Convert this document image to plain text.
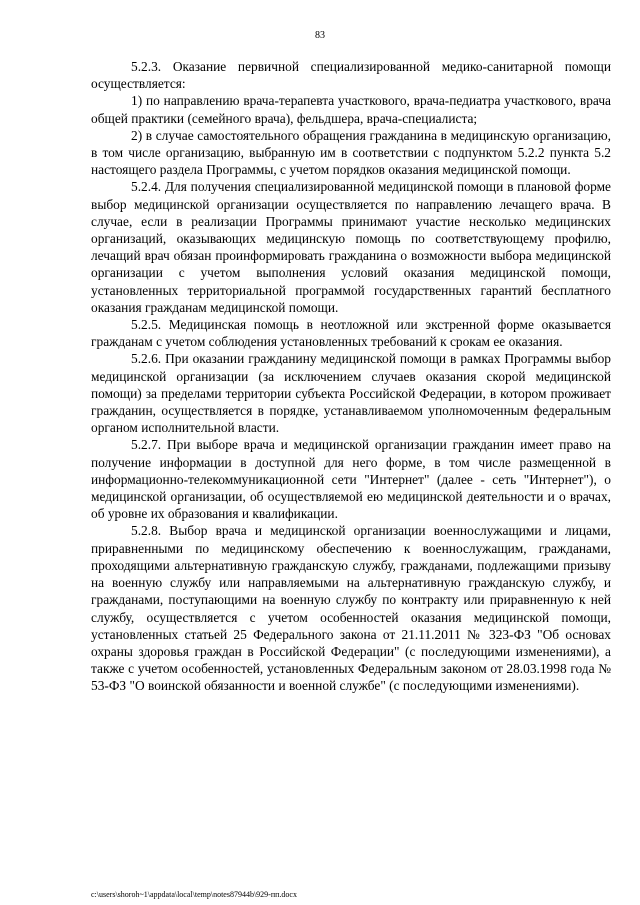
83

5.2.3. Оказание первичной специализированной медико-санитарной помощи осуществляется:

1) по направлению врача-терапевта участкового, врача-педиатра участкового, врача общей практики (семейного врача), фельдшера, врача-специалиста;

2) в случае самостоятельного обращения гражданина в медицинскую организацию, в том числе организацию, выбранную им в соответствии с подпунктом 5.2.2 пункта 5.2 настоящего раздела Программы, с учетом порядков оказания медицинской помощи.

5.2.4. Для получения специализированной медицинской помощи в плановой форме выбор медицинской организации осуществляется по направлению лечащего врача. В случае, если в реализации Программы принимают участие несколько медицинских организаций, оказывающих медицинскую помощь по соответствующему профилю, лечащий врач обязан проинформировать гражданина о возможности выбора медицинской организации с учетом выполнения условий оказания медицинской помощи, установленных территориальной программой государственных гарантий бесплатного оказания гражданам медицинской помощи.

5.2.5. Медицинская помощь в неотложной или экстренной форме оказывается гражданам с учетом соблюдения установленных требований к срокам ее оказания.

5.2.6. При оказании гражданину медицинской помощи в рамках Программы выбор медицинской организации (за исключением случаев оказания скорой медицинской помощи) за пределами территории субъекта Российской Федерации, в котором проживает гражданин, осуществляется в порядке, устанавливаемом уполномоченным федеральным органом исполнительной власти.

5.2.7. При выборе врача и медицинской организации гражданин имеет право на получение информации в доступной для него форме, в том числе размещенной в информационно-телекоммуникационной сети "Интернет" (далее - сеть "Интернет"), о медицинской организации, об осуществляемой ею медицинской деятельности и о врачах, об уровне их образования и квалификации.

5.2.8. Выбор врача и медицинской организации военнослужащими и лицами, приравненными по медицинскому обеспечению к военнослужащим, гражданами, проходящими альтернативную гражданскую службу, гражданами, подлежащими призыву на военную службу или направляемыми на альтернативную гражданскую службу, и гражданами, поступающими на военную службу по контракту или приравненную к ней службу, осуществляется с учетом особенностей оказания медицинской помощи, установленных статьей 25 Федерального закона от 21.11.2011 № 323-ФЗ "Об основах охраны здоровья граждан в Российской Федерации" (с последующими изменениями), а также с учетом особенностей, установленных Федеральным законом от 28.03.1998 года № 53-ФЗ "О воинской обязанности и военной службе" (с последующими изменениями).

c:\users\shoroh~1\appdata\local\temp\notes87944b\929-пп.docx
